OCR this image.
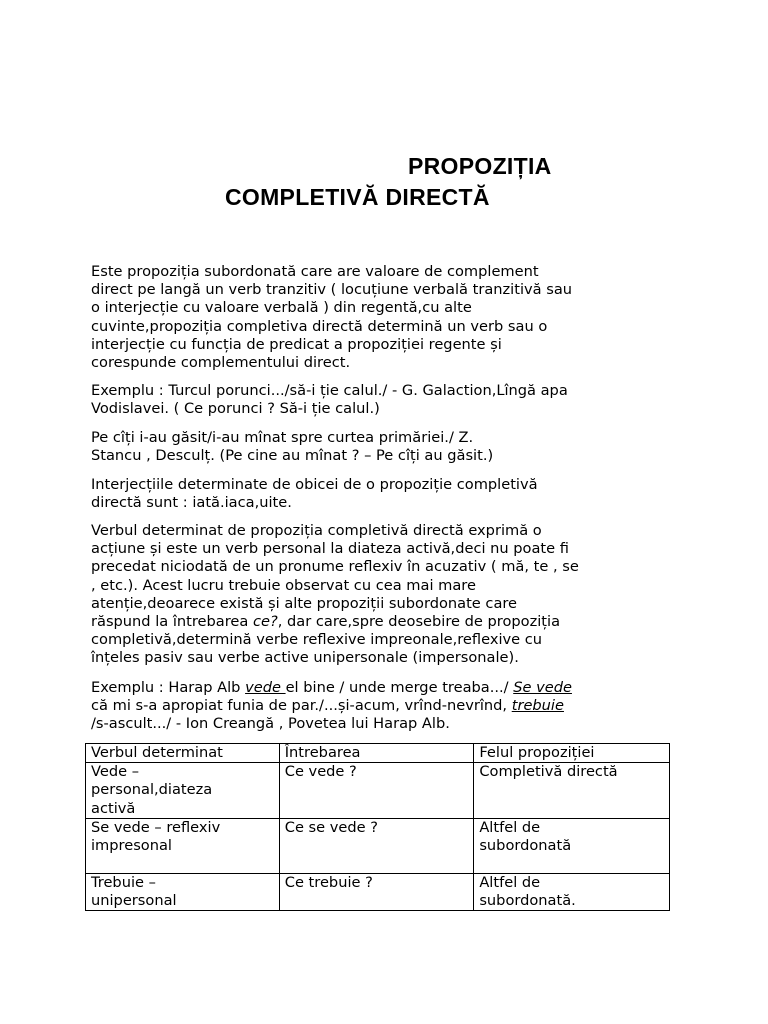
PROPOZIȚIA
COMPLETIVĂ DIRECTĂ
Este propoziția subordonată care are valoare de complement
direct pe langă un verb tranzitiv ( locuțiune verbală tranzitivă sau
o interjecție cu valoare verbală ) din regentă,cu alte
cuvinte,propoziția completiva directă determină un verb sau o
interjecție cu funcția de predicat a propoziției regente și
corespunde complementului direct.
Exemplu : Turcul porunci.../să-i ție calul./ - G. Galaction,Lîngă apa
Vodislavei. ( Ce porunci ? Să-i ție calul.)
Pe cîți i-au găsit/i-au mînat spre curtea primăriei./ Z.
Stancu , Desculț. (Pe cine au mînat ? – Pe cîți au găsit.)
Interjecțiile determinate de obicei de o propoziție completivă
directă sunt : iată.iaca,uite.
Verbul determinat de propoziția completivă directă exprimă o
acțiune și este un verb personal la diateza activă,deci nu poate fi
precedat niciodată de un pronume reflexiv în acuzativ ( mă, te , se
, etc.). Acest lucru trebuie observat cu cea mai mare
atenție,deoarece există și alte propoziții subordonate care
răspund la întrebarea ce?, dar care,spre deosebire de propoziția
completivă,determină verbe reflexive impreonale,reflexive cu
înțeles pasiv sau verbe active unipersonale (impersonale).
Exemplu : Harap Alb vede el bine / unde merge treaba.../ Se vede
că mi s-a apropiat funia de par./...și-acum, vrînd-nevrînd, trebuie
/s-ascult.../ - Ion Creangă , Povetea lui Harap Alb.
Verbul determinat	Întrebarea	Felul propoziției
Vede –
personal,diateza
activă	Ce vede ?	Completivă directă
Se vede – reflexiv
impresonal	Ce se vede ?	Altfel de
subordonată
Trebuie –
unipersonal	Ce trebuie ?	Altfel de
subordonată.
